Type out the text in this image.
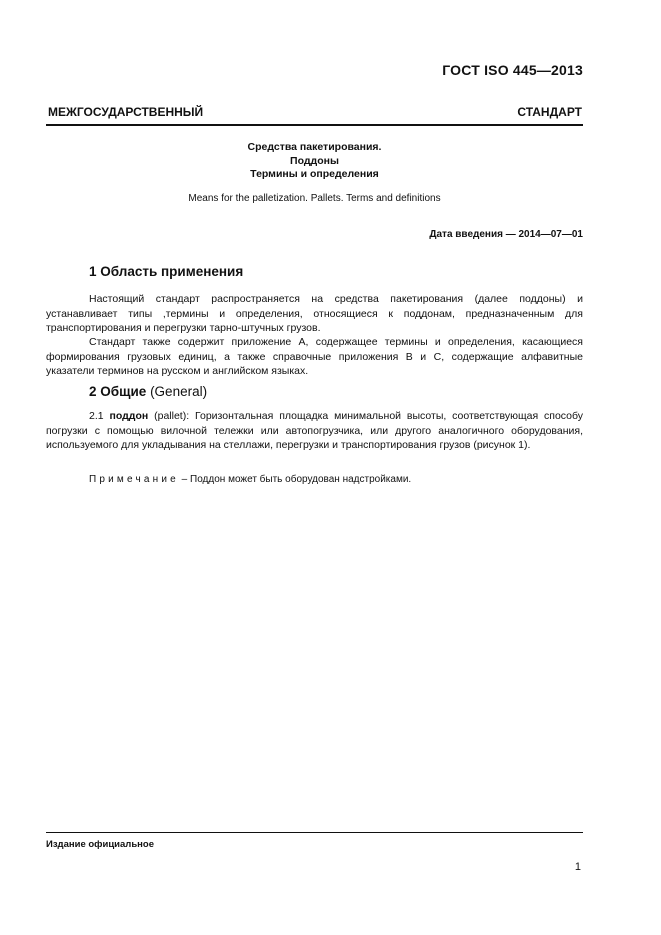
ГОСТ ISO 445—2013
МЕЖГОСУДАРСТВЕННЫЙ СТАНДАРТ
Средства пакетирования.
Поддоны
Термины и определения
Means for the palletization. Pallets. Terms and definitions
Дата введения — 2014—07—01
1 Область применения

Настоящий стандарт распространяется на средства пакетирования (далее поддоны) и устанавливает типы ,термины и определения, относящиеся к поддонам, предназначенным для транспортирования и перегрузки тарно-штучных грузов.

Стандарт также содержит приложение А, содержащее термины и определения, касающиеся формирования грузовых единиц, а также справочные приложения В и С, содержащие алфавитные указатели терминов на русском и английском языках.

2 Общие (General)

2.1 поддон (pallet): Горизонтальная площадка минимальной высоты, соответствующая способу погрузки с помощью вилочной тележки или автопогрузчика, или другого аналогичного оборудования, используемого для укладывания на стеллажи, перегрузки и транспортирования грузов (рисунок 1).

Примечание – Поддон может быть оборудован надстройками.
Издание официальное
1
